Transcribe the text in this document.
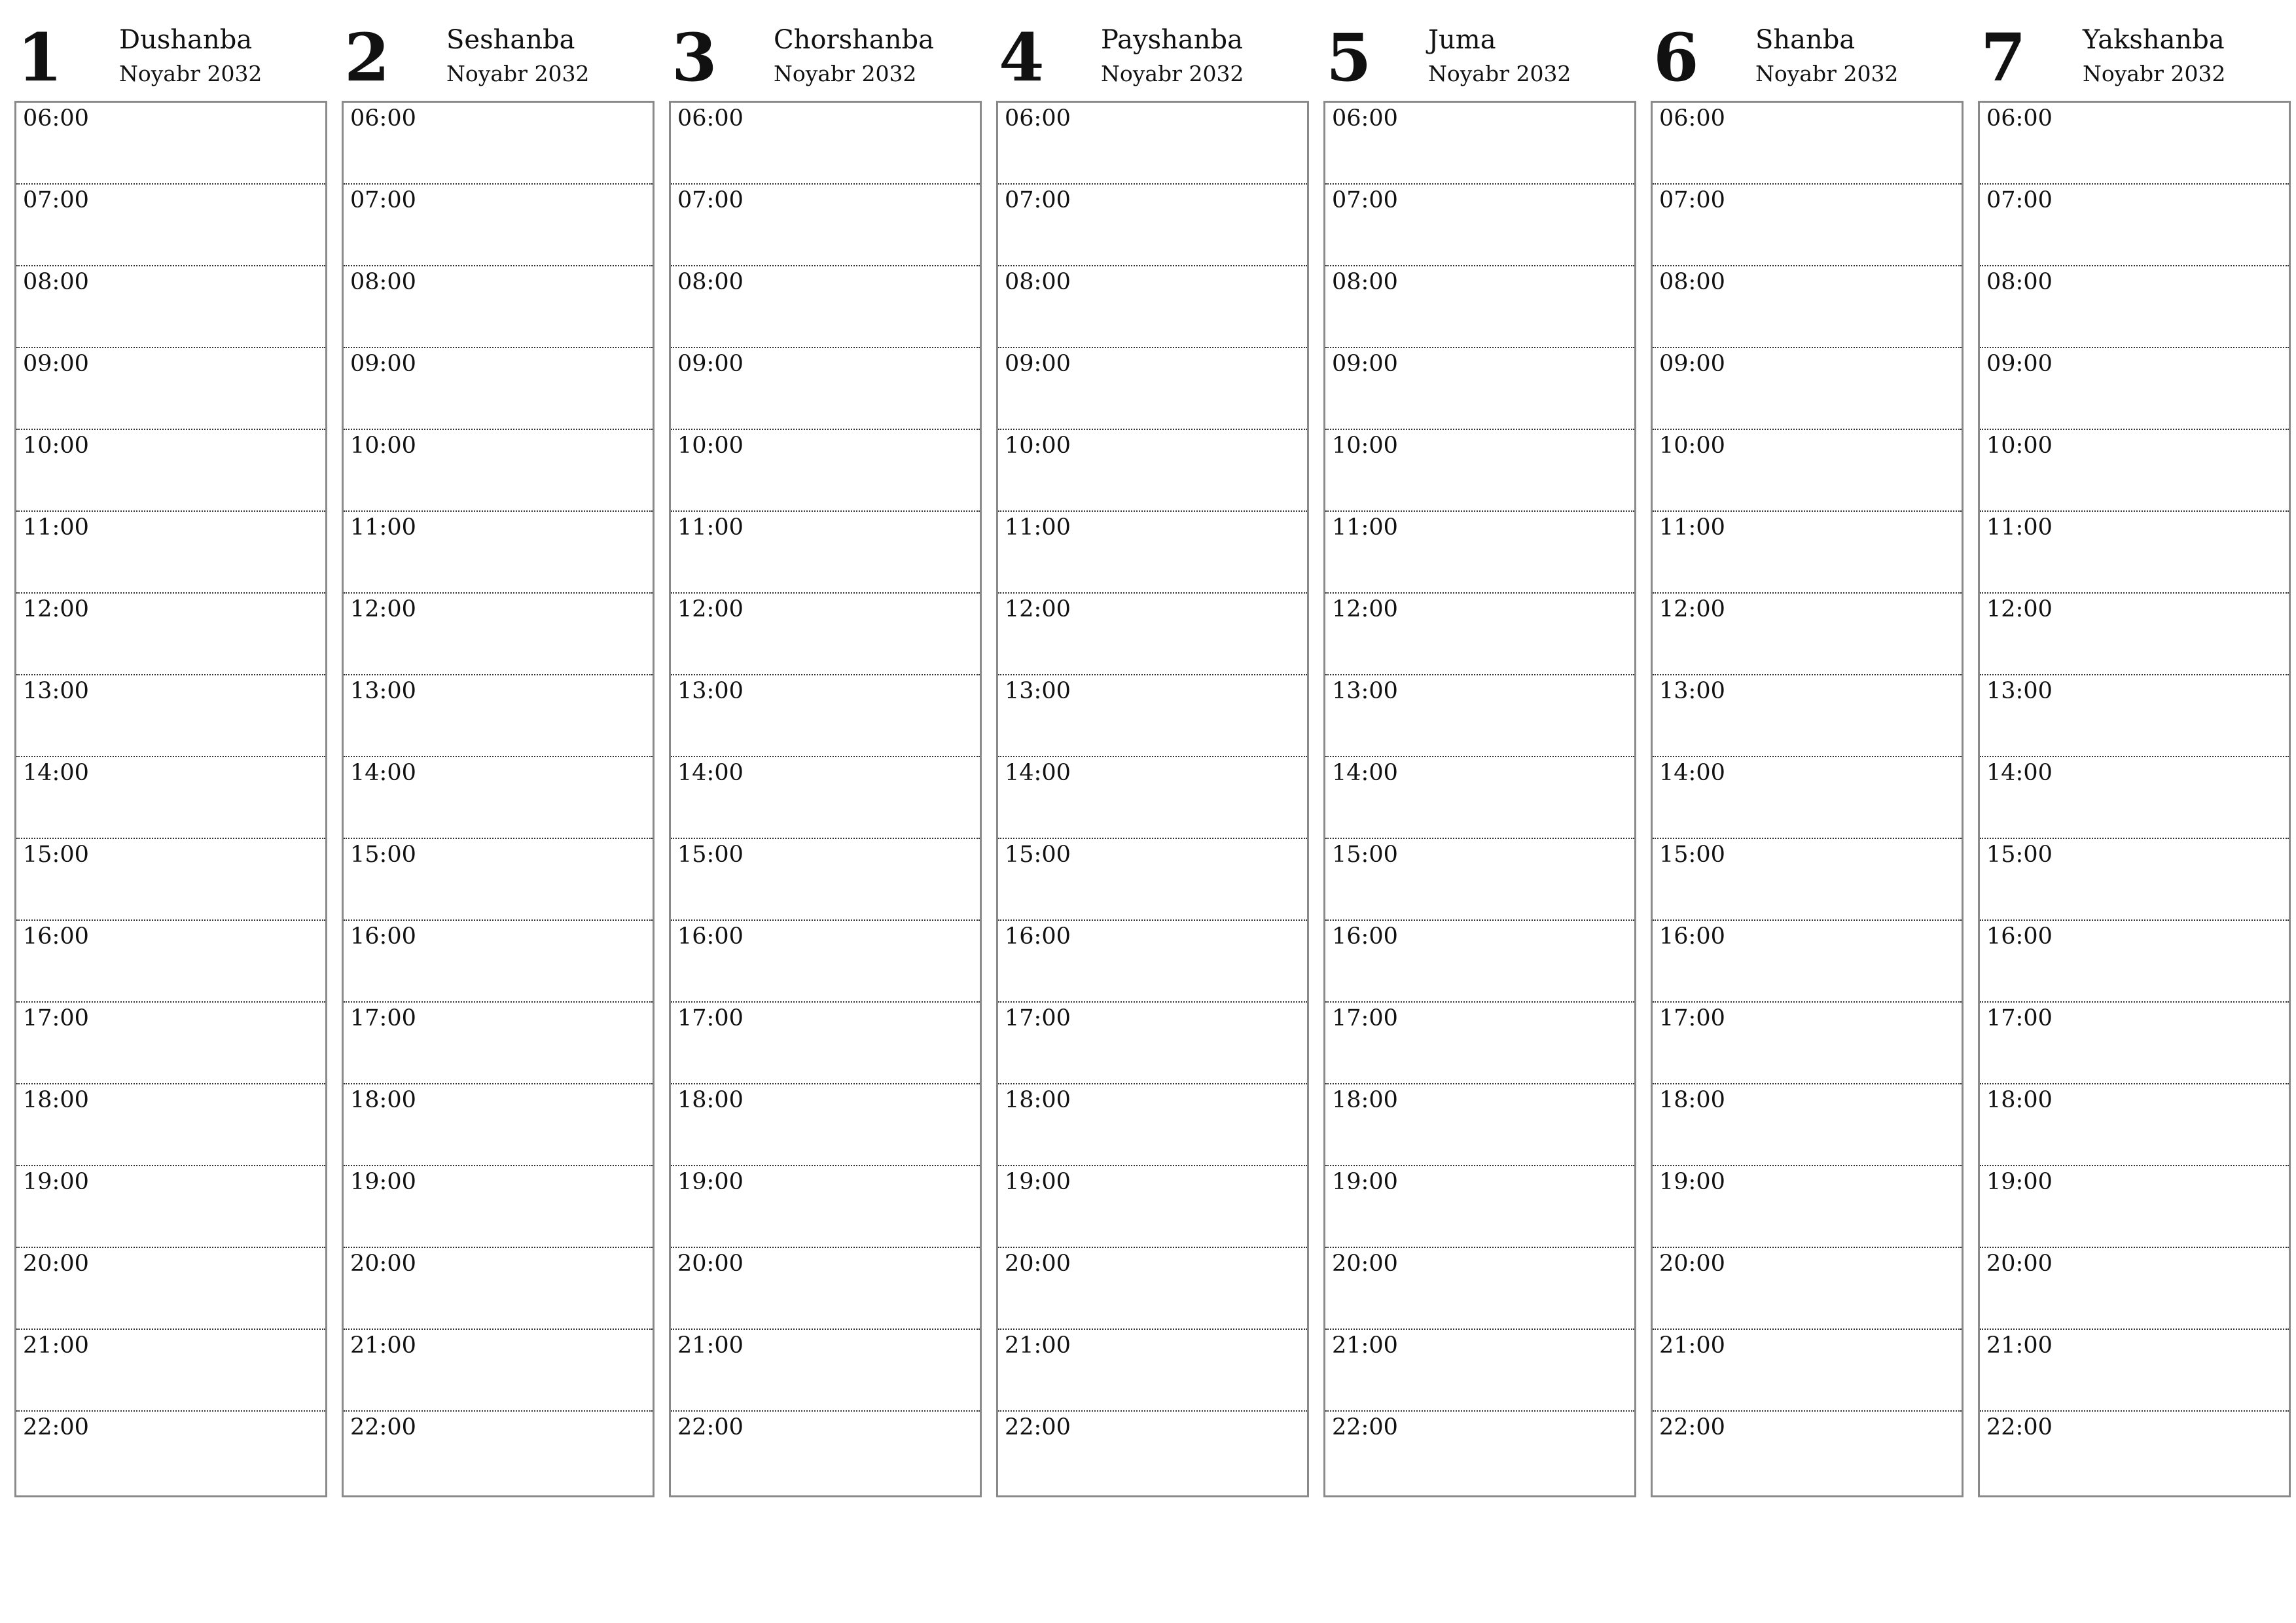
1 Dushanba
Noyabr 2032
06:00
07:00
08:00
09:00
10:00
11:00
12:00
13:00
14:00
15:00
16:00
17:00
18:00
19:00
20:00
21:00
22:00
2 Seshanba
Noyabr 2032
06:00
07:00
08:00
09:00
10:00
11:00
12:00
13:00
14:00
15:00
16:00
17:00
18:00
19:00
20:00
21:00
22:00
3 Chorshanba
Noyabr 2032
06:00
07:00
08:00
09:00
10:00
11:00
12:00
13:00
14:00
15:00
16:00
17:00
18:00
19:00
20:00
21:00
22:00
4 Payshanba
Noyabr 2032
06:00
07:00
08:00
09:00
10:00
11:00
12:00
13:00
14:00
15:00
16:00
17:00
18:00
19:00
20:00
21:00
22:00
5 Juma
Noyabr 2032
06:00
07:00
08:00
09:00
10:00
11:00
12:00
13:00
14:00
15:00
16:00
17:00
18:00
19:00
20:00
21:00
22:00
6 Shanba
Noyabr 2032
06:00
07:00
08:00
09:00
10:00
11:00
12:00
13:00
14:00
15:00
16:00
17:00
18:00
19:00
20:00
21:00
22:00
7 Yakshanba
Noyabr 2032
06:00
07:00
08:00
09:00
10:00
11:00
12:00
13:00
14:00
15:00
16:00
17:00
18:00
19:00
20:00
21:00
22:00
